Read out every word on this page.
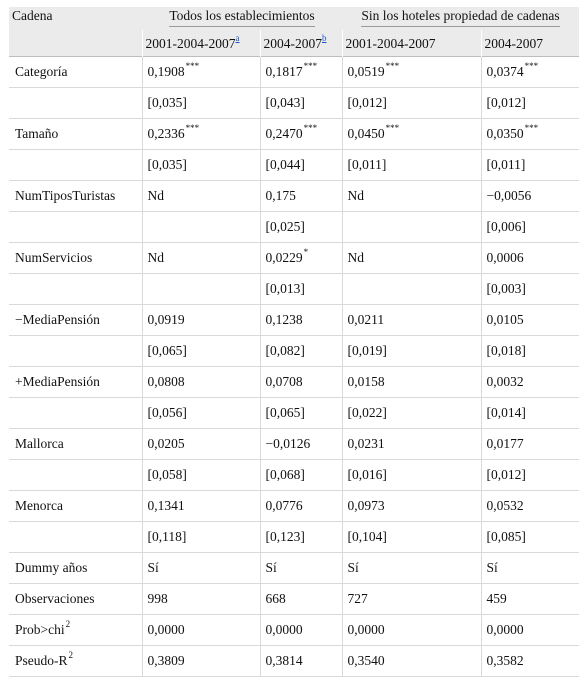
Cadena	Todos los establecimientos		Sin los hoteles propiedad de cadenas	
	2001-2004-2007$^a$	2004-2007$^b$	2001-2004-2007	2004-2007
Categoría	0,1908***	0,1817***	0,0519***	0,0374***
	[0,035]	[0,043]	[0,012]	[0,012]
Tamaño	0,2336***	0,2470***	0,0450***	0,0350***
	[0,035]	[0,044]	[0,011]	[0,011]
NumTiposTuristas	Nd	0,175	Nd	−0,0056
		[0,025]		[0,006]
NumServicios	Nd	0,0229*	Nd	0,0006
		[0,013]		[0,003]
−MediaPensión	0,0919	0,1238	0,0211	0,0105
	[0,065]	[0,082]	[0,019]	[0,018]
+MediaPensión	0,0808	0,0708	0,0158	0,0032
	[0,056]	[0,065]	[0,022]	[0,014]
Mallorca	0,0205	−0,0126	0,0231	0,0177
	[0,058]	[0,068]	[0,016]	[0,012]
Menorca	0,1341	0,0776	0,0973	0,0532
	[0,118]	[0,123]	[0,104]	[0,085]
Dummy años	Sí	Sí	Sí	Sí
Observaciones	998	668	727	459
Prob>chi$^2$	0,0000	0,0000	0,0000	0,0000
Pseudo-$R^2$	0,3809	0,3814	0,3540	0,3582
